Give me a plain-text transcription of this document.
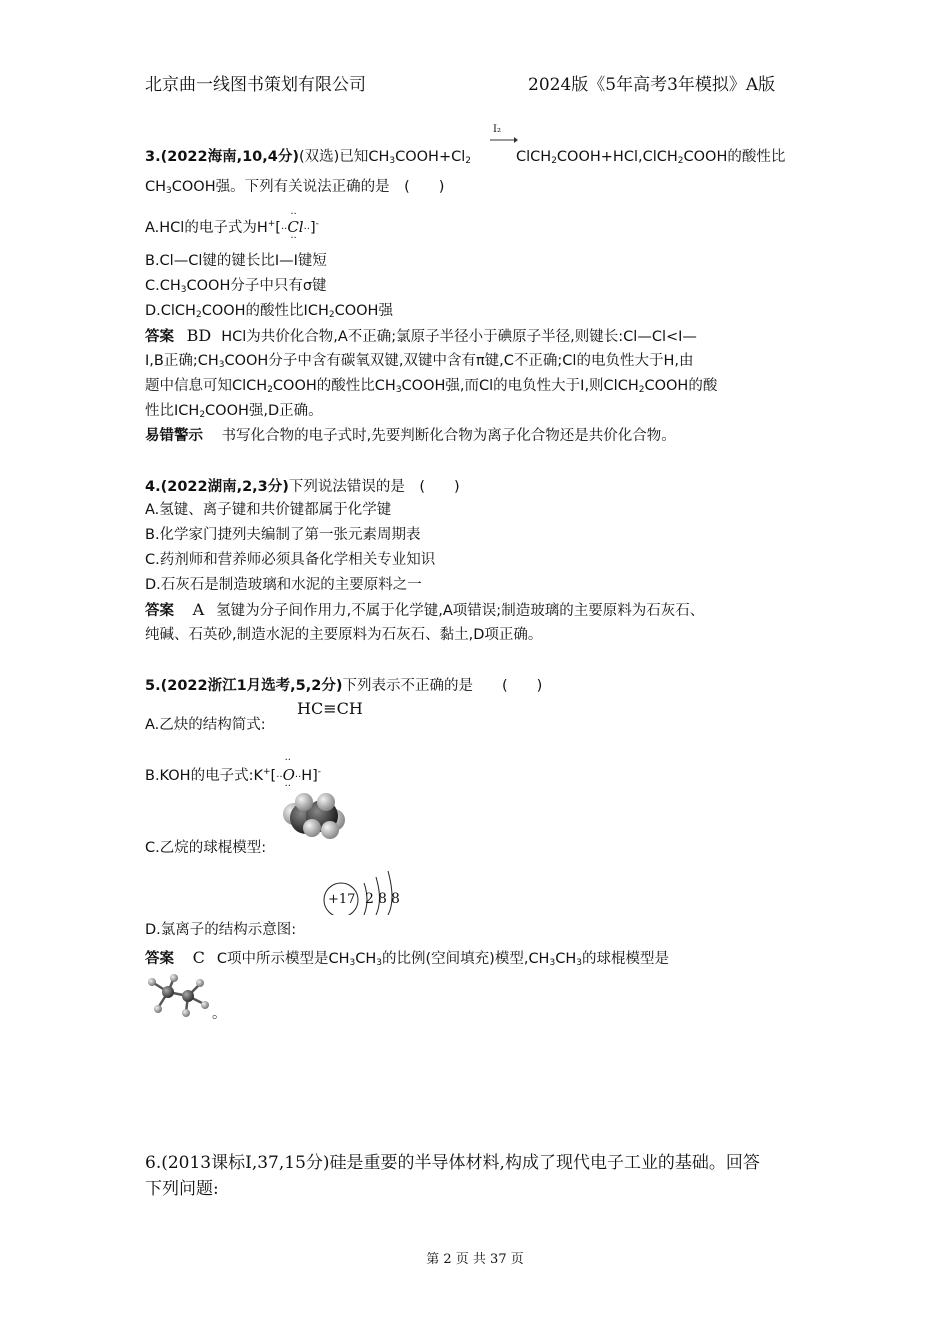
北京曲一线图书策划有限公司	2024版《5年高考3年模拟》A版
3.(2022海南,10,4分)(双选)已知$CH_3COOH+Cl_2$
I₂
ClCH$_2$COOH+HCl,ClCH$_2$COOH的酸性比
$CH_3COOH$强。下列有关说法正确的是　(　　)
A.HCl的电子式为H+[··
··
Cl
··
··]-
B.Cl—Cl键的键长比I—I键短
$C.CH_3COOH$分子中只有σ键
D.ClCH$_2$COOH的酸性比$ICH_2COOH$强
答案 BD HCl为共价化合物,A不正确;氯原子半径小于碘原子半径,则键长:Cl—Cl<I—
I,B正确$;CH_3COOH$分子中含有碳氧双键,双键中含有π键,C不正确;Cl的电负性大于H,由
题中信息可知ClCH$_2$COOH的酸性比$CH_3COOH$强,而Cl的电负性大于I,则ClCH$_2$COOH的酸
性比$ICH_2COOH$强,D正确。
易错警示 书写化合物的电子式时,先要判断化合物为离子化合物还是共价化合物。
4.(2022湖南,2,3分)下列说法错误的是　(　　)
A.氢键、离子键和共价键都属于化学键
B.化学家门捷列夫编制了第一张元素周期表
C.药剂师和营养师必须具备化学相关专业知识
D.石灰石是制造玻璃和水泥的主要原料之一
答案 A 氢键为分子间作用力,不属于化学键,A项错误;制造玻璃的主要原料为石灰石、
纯碱、石英砂,制造水泥的主要原料为石灰石、黏土,D项正确。
5.(2022浙江1月选考,5,2分)下列表示不正确的是　　(　　)
A.乙炔的结构简式:
HC≡CH
B.KOH的电子式:K+[··
··
O
··
··H]-
C.乙烷的球棍模型:
+17 2 8 8
D.氯离子的结构示意图:
答案 C C项中所示模型是$CH_3CH_3$的比例(空间填充)模型$,CH_3CH_3$的球棍模型是
。
6.(2013课标Ⅰ,37,15分)硅是重要的半导体材料,构成了现代电子工业的基础。回答
下列问题:
第 2 页 共 37 页
